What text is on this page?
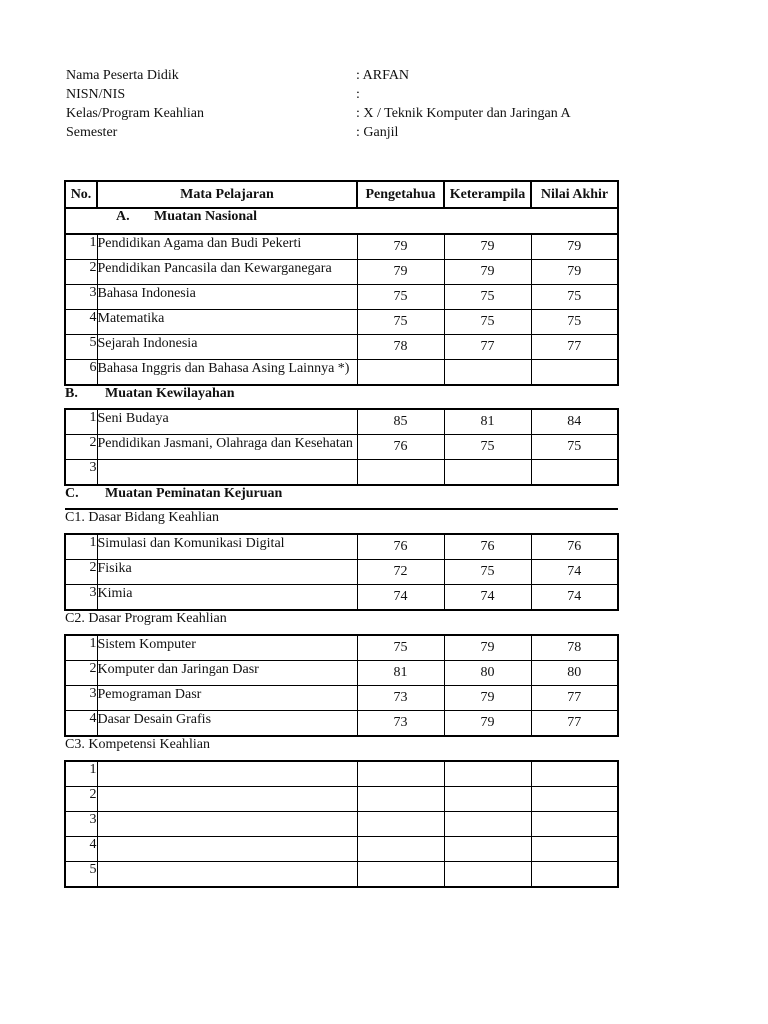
Nama Peserta Didik	: ARFAN
NISN/NIS	:
Kelas/Program Keahlian	: X / Teknik Komputer dan Jaringan A
Semester	: Ganjil
No.	Mata Pelajaran	Pengetahua	Keterampila	Nilai Akhir
A. Muatan Nasional				
1	Pendidikan Agama dan Budi Pekerti	79	79	79
2	Pendidikan Pancasila dan Kewarganegara	79	79	79
3	Bahasa Indonesia	75	75	75
4	Matematika	75	75	75
5	Sejarah Indonesia	78	77	77
6	Bahasa Inggris dan Bahasa Asing Lainnya *)			

B. Muatan Kewilayahan				
1	Seni Budaya	85	81	84
2	Pendidikan Jasmani, Olahraga dan Kesehatan	76	75	75
3	

C. Muatan Peminatan Kejuruan				
C1. Dasar Bidang Keahlian				
1	Simulasi dan Komunikasi Digital	76	76	76
2	Fisika	72	75	74
3	Kimia	74	74	74
C2. Dasar Program Keahlian				
1	Sistem Komputer	75	79	78
2	Komputer dan Jaringan Dasr	81	80	80
3	Pemograman Dasr	73	79	77
4	Dasar Desain Grafis	73	79	77
C3. Kompetensi Keahlian				
1	

2	

3	

4	

5	
